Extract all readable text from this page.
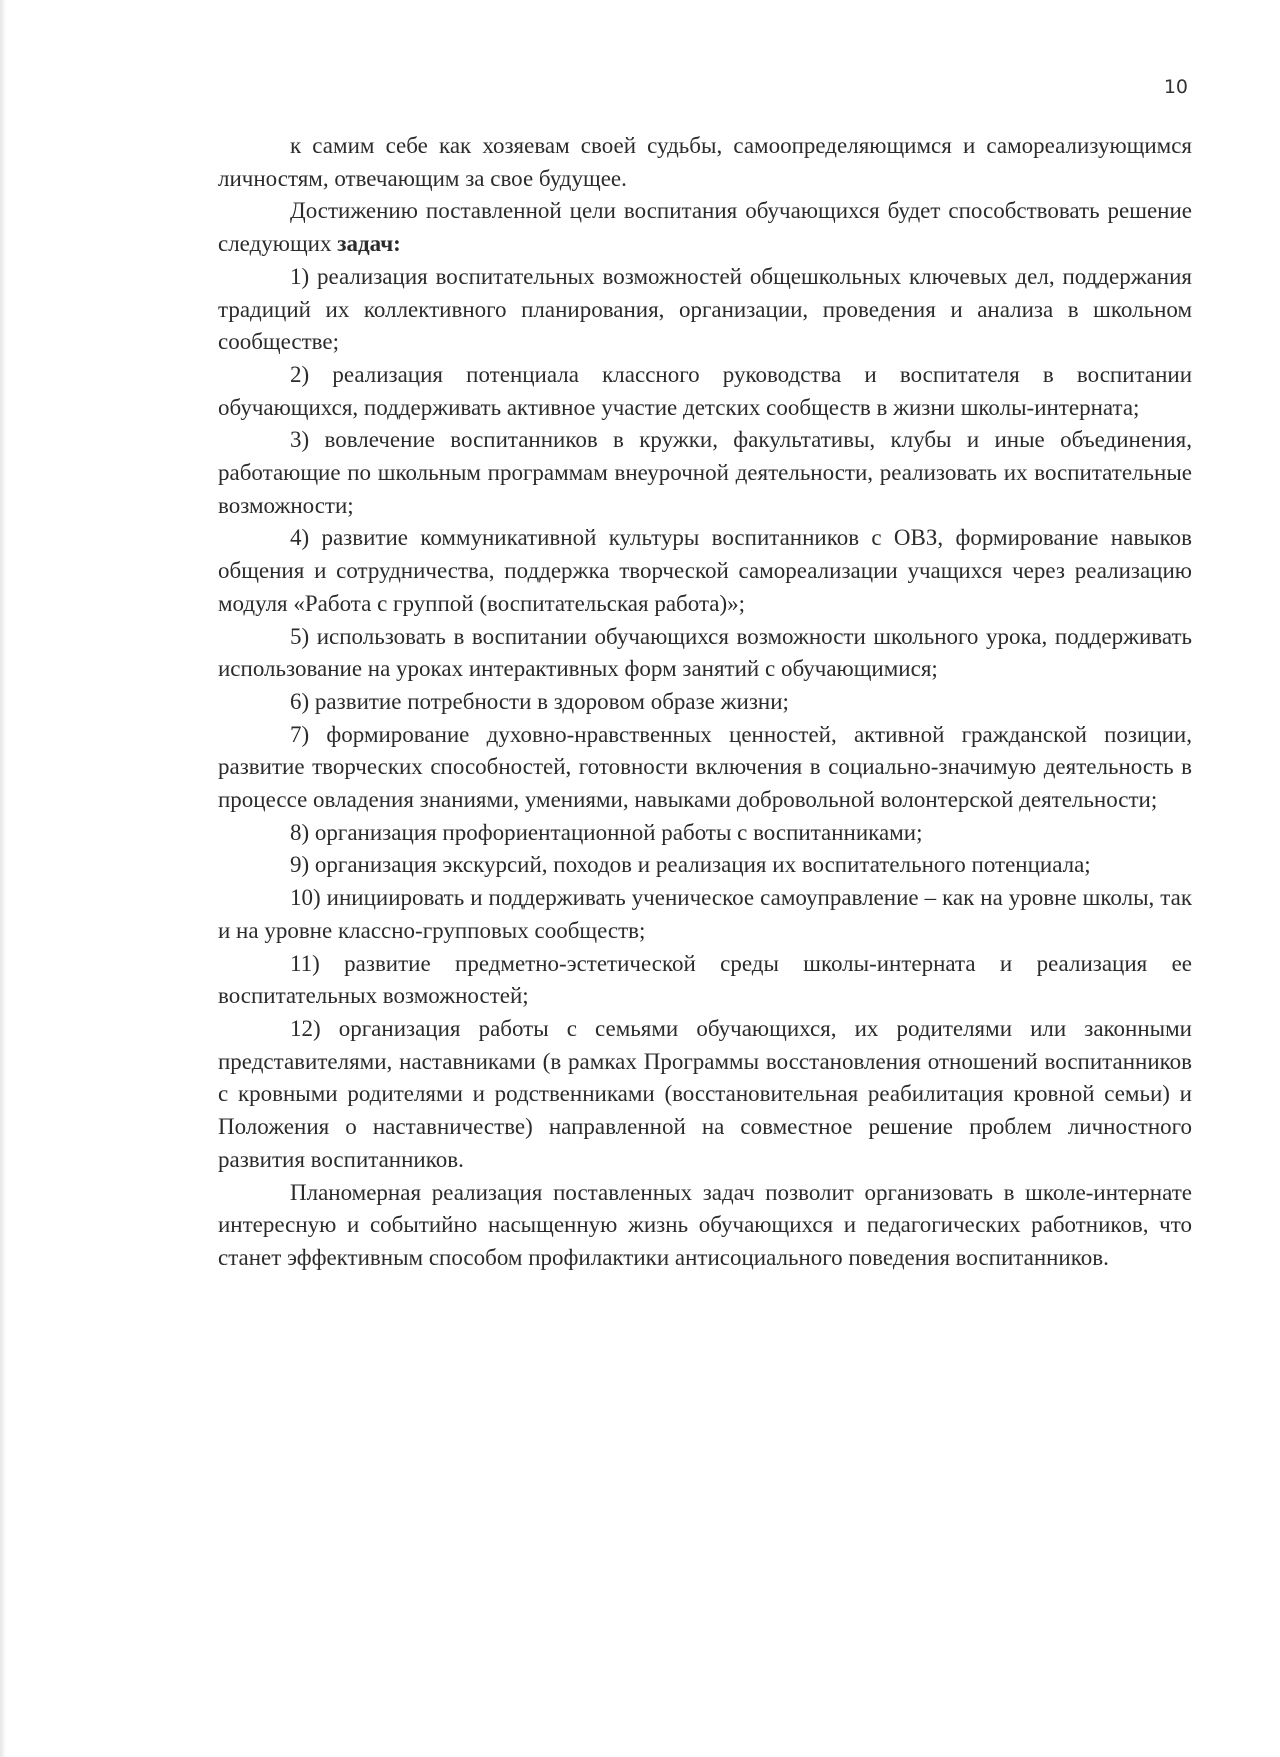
10

к самим себе как хозяевам своей судьбы, самоопределяющимся и самореализующимся личностям, отвечающим за свое будущее.

Достижению поставленной цели воспитания обучающихся будет способствовать решение следующих задач:

1) реализация воспитательных возможностей общешкольных ключевых дел, поддержания традиций их коллективного планирования, организации, проведения и анализа в школьном сообществе;

2) реализация потенциала классного руководства и воспитателя в воспитании обучающихся, поддерживать активное участие детских сообществ в жизни школы-интерната;

3) вовлечение воспитанников в кружки, факультативы, клубы и иные объединения, работающие по школьным программам внеурочной деятельности, реализовать их воспитательные возможности;

4) развитие коммуникативной культуры воспитанников с ОВЗ, формирование навыков общения и сотрудничества, поддержка творческой самореализации учащихся через реализацию модуля «Работа с группой (воспитательская работа)»;

5) использовать в воспитании обучающихся возможности школьного урока, поддерживать использование на уроках интерактивных форм занятий с обучающимися;

6) развитие потребности в здоровом образе жизни;

7) формирование духовно-нравственных ценностей, активной гражданской позиции, развитие творческих способностей, готовности включения в социально-значимую деятельность в процессе овладения знаниями, умениями, навыками добровольной волонтерской деятельности;

8) организация профориентационной работы с воспитанниками;

9) организация экскурсий, походов и реализация их воспитательного потенциала;

10) инициировать и поддерживать ученическое самоуправление – как на уровне школы, так и на уровне классно-групповых сообществ;

11) развитие предметно-эстетической среды школы-интерната и реализация ее воспитательных возможностей;

12) организация работы с семьями обучающихся, их родителями или законными представителями, наставниками (в рамках Программы восстановления отношений воспитанников с кровными родителями и родственниками (восстановительная реабилитация кровной семьи) и Положения о наставничестве) направленной на совместное решение проблем личностного развития воспитанников.

Планомерная реализация поставленных задач позволит организовать в школе-интернате интересную и событийно насыщенную жизнь обучающихся и педагогических работников, что станет эффективным способом профилактики антисоциального поведения воспитанников.
